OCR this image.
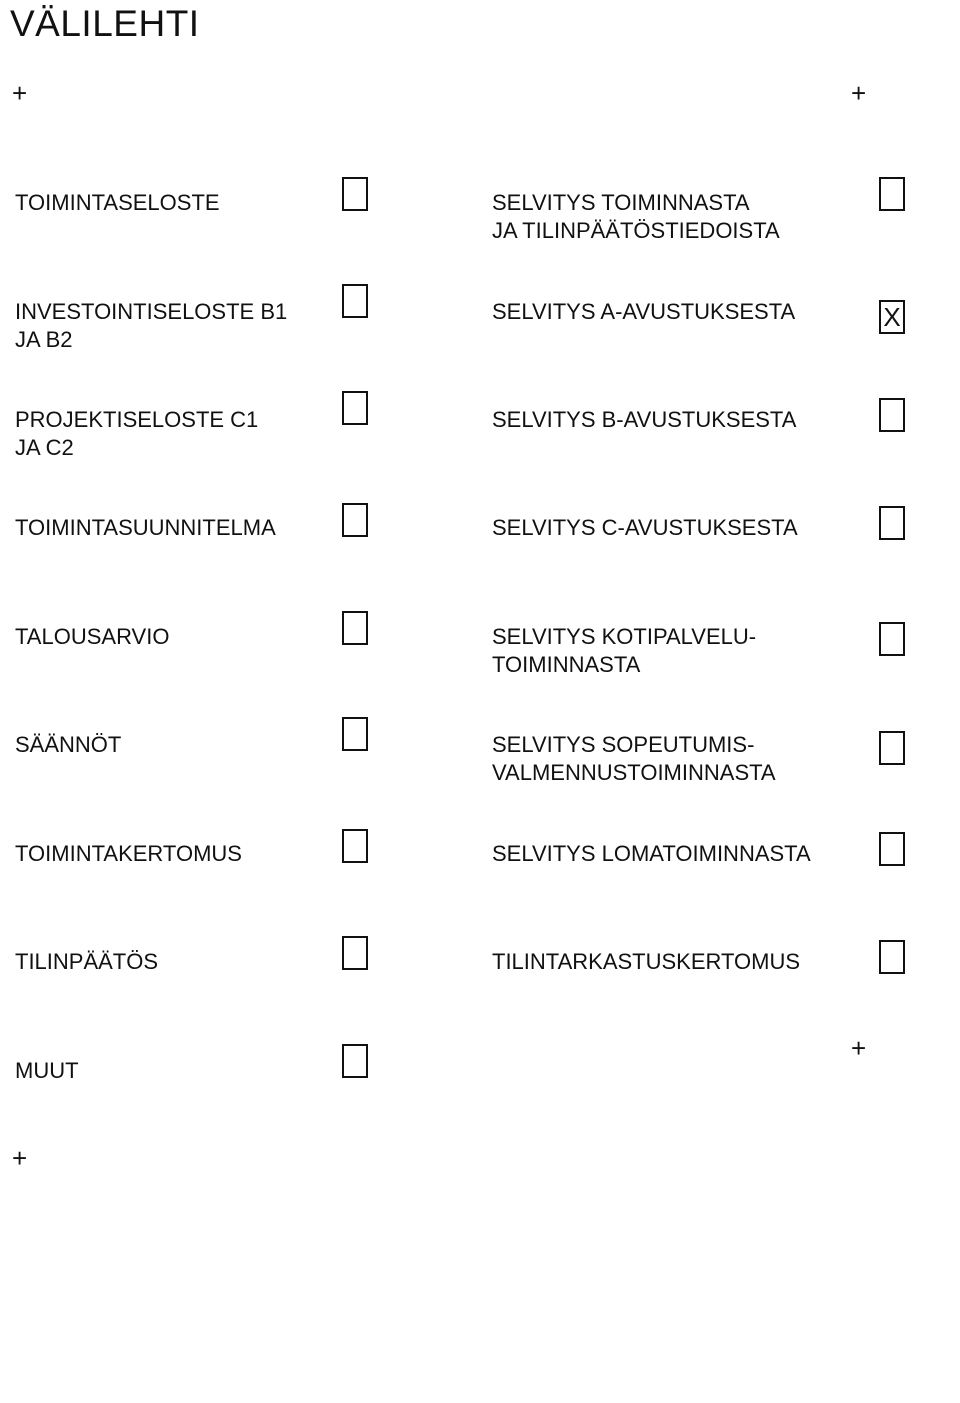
VÄLILEHTI
+	+
+
+
TOIMINTASELOSTE
INVESTOINTISELOSTE B1
JA B2
PROJEKTISELOSTE C1
JA C2
TOIMINTASUUNNITELMA
TALOUSARVIO
SÄÄNNÖT
TOIMINTAKERTOMUS
TILINPÄÄTÖS
MUUT
SELVITYS TOIMINNASTA
JA TILINPÄÄTÖSTIEDOISTA
SELVITYS A-AVUSTUKSESTA
X
SELVITYS B-AVUSTUKSESTA
SELVITYS C-AVUSTUKSESTA
SELVITYS KOTIPALVELU-
TOIMINNASTA
SELVITYS SOPEUTUMIS-
VALMENNUSTOIMINNASTA
SELVITYS LOMATOIMINNASTA
TILINTARKASTUSKERTOMUS
